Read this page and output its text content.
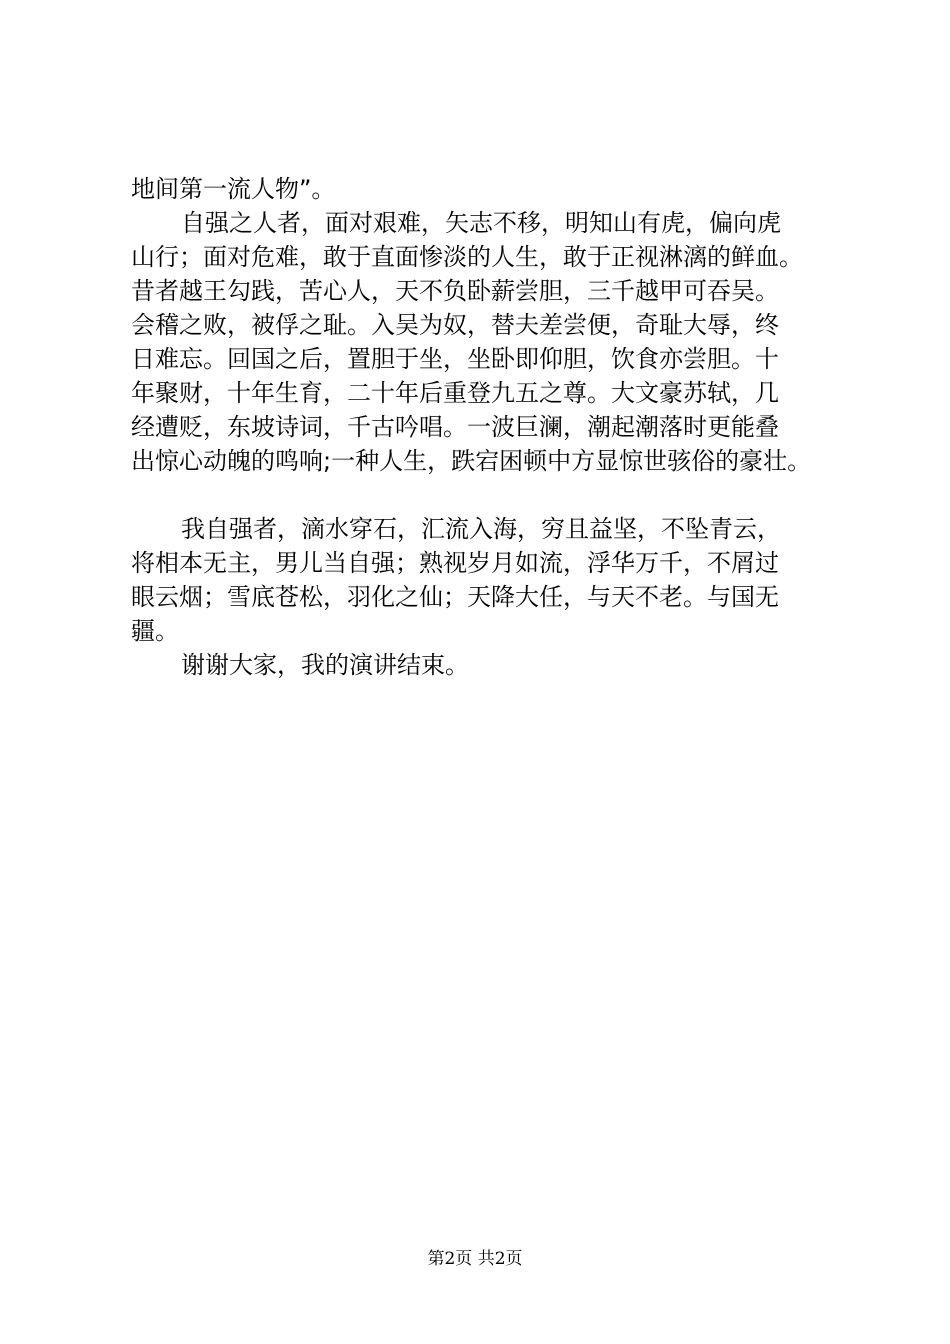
地间第一流人物”。
自强之人者，面对艰难，矢志不移，明知山有虎，偏向虎
山行；面对危难，敢于直面惨淡的人生，敢于正视淋漓的鲜血。
昔者越王勾践，苦心人，天不负卧薪尝胆，三千越甲可吞吴。
会稽之败，被俘之耻。入吴为奴，替夫差尝便，奇耻大辱，终
日难忘。回国之后，置胆于坐，坐卧即仰胆，饮食亦尝胆。十
年聚财，十年生育，二十年后重登九五之尊。大文豪苏轼，几
经遭贬，东坡诗词，千古吟唱。一波巨澜，潮起潮落时更能叠
出惊心动魄的鸣响;一种人生，跌宕困顿中方显惊世骇俗的豪壮。
我自强者，滴水穿石，汇流入海，穷且益坚，不坠青云，
将相本无主，男儿当自强；熟视岁月如流，浮华万千，不屑过
眼云烟；雪底苍松，羽化之仙；天降大任，与天不老。与国无
疆。
谢谢大家，我的演讲结束。
第2页 共2页
